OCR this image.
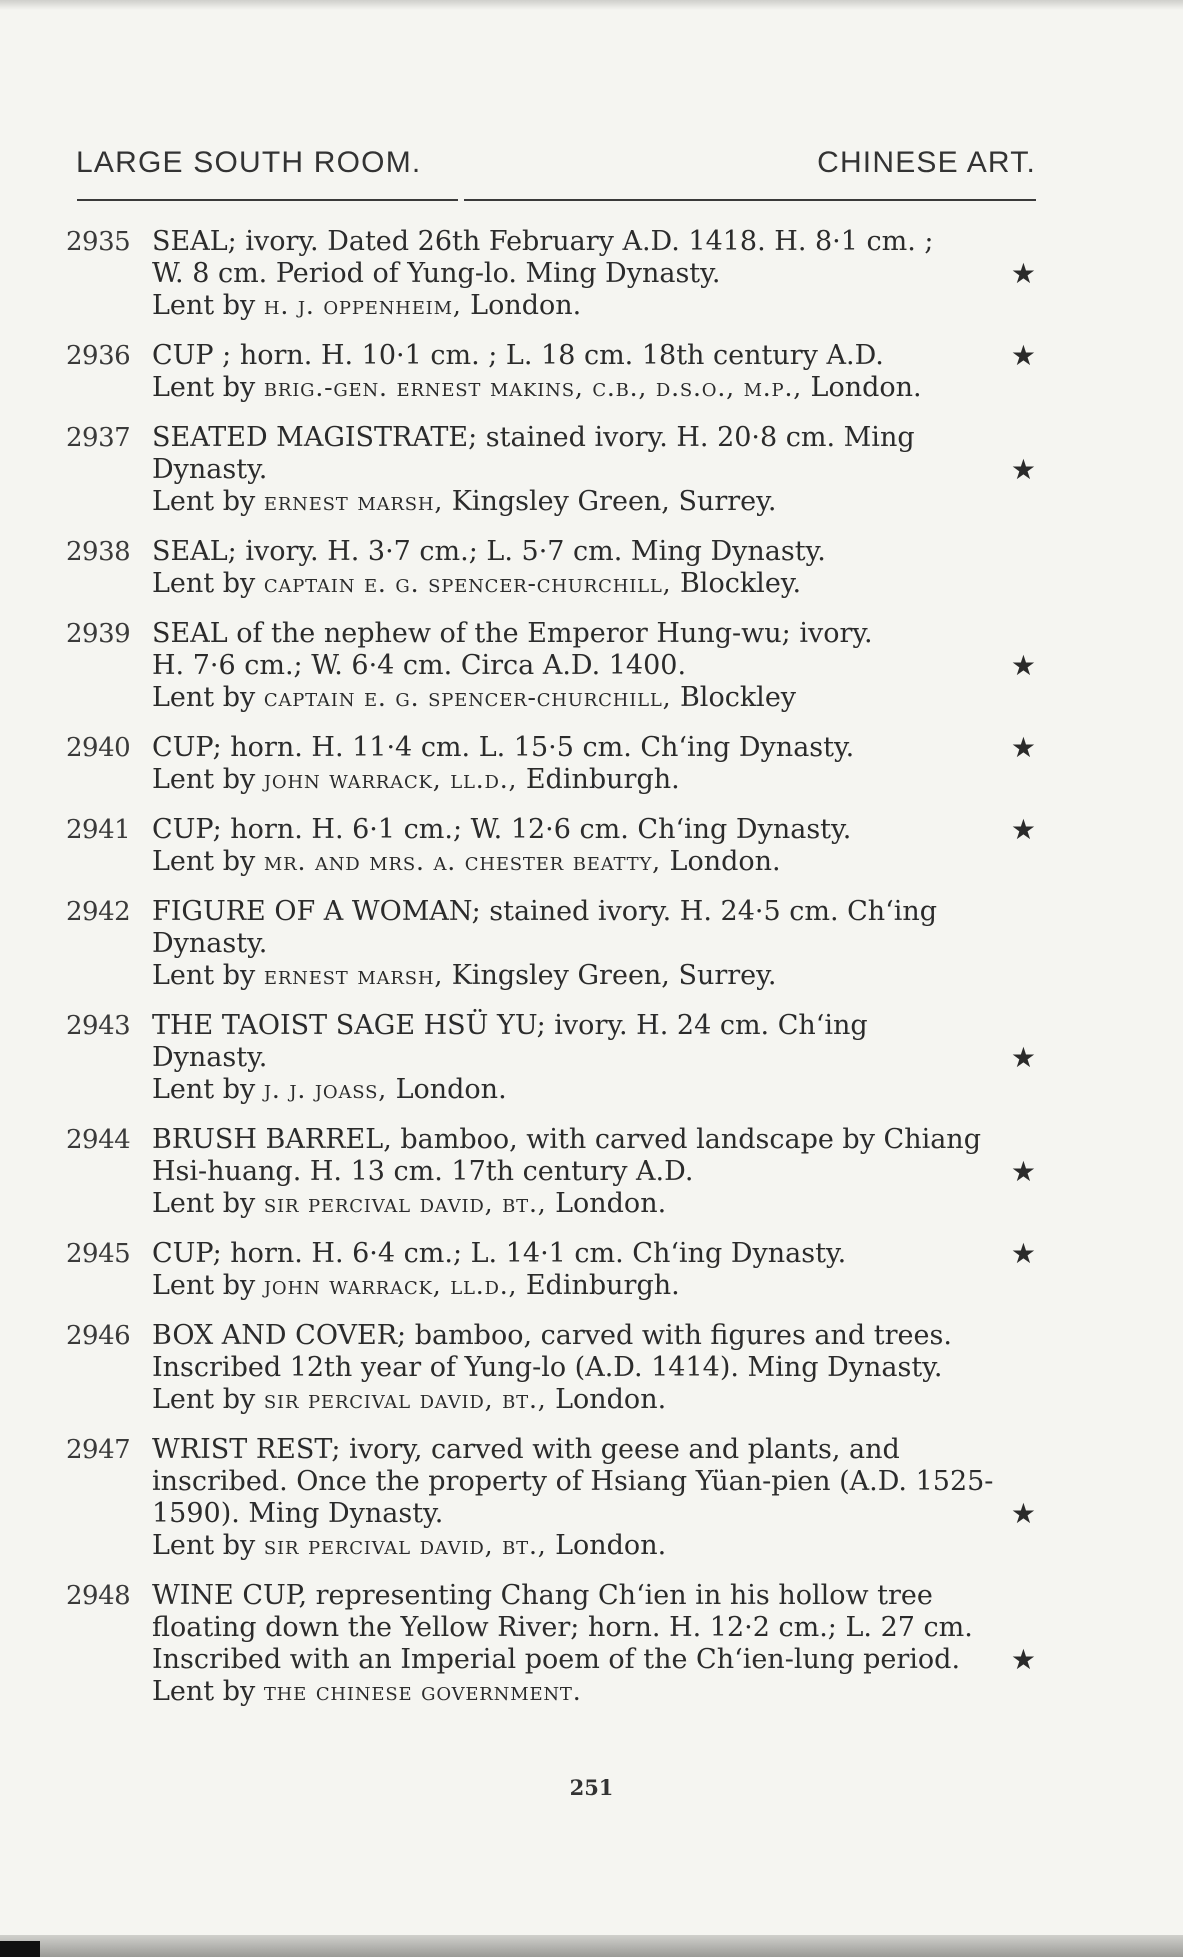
LARGE SOUTH ROOM.	CHINESE ART.
2935 SEAL; ivory. Dated 26th February A.D. 1418. H. 8·1 cm. ;
W. 8 cm. Period of Yung-lo. Ming Dynasty.	★
Lent by h. j. oppenheim, London.
2936 CUP ; horn. H. 10·1 cm. ; L. 18 cm. 18th century A.D.	★
Lent by brig.-gen. ernest makins, c.b., d.s.o., m.p., London.
2937 SEATED MAGISTRATE; stained ivory. H. 20·8 cm. Ming
Dynasty.	★
Lent by ernest marsh, Kingsley Green, Surrey.
2938 SEAL; ivory. H. 3·7 cm.; L. 5·7 cm. Ming Dynasty.
Lent by captain e. g. spencer-churchill, Blockley.
2939 SEAL of the nephew of the Emperor Hung-wu; ivory.
H. 7·6 cm.; W. 6·4 cm. Circa A.D. 1400.	★
Lent by captain e. g. spencer-churchill, Blockley
2940 CUP; horn. H. 11·4 cm. L. 15·5 cm. Ch‘ing Dynasty.	★
Lent by john warrack, ll.d., Edinburgh.
2941 CUP; horn. H. 6·1 cm.; W. 12·6 cm. Ch‘ing Dynasty.	★
Lent by mr. and mrs. a. chester beatty, London.
2942 FIGURE OF A WOMAN; stained ivory. H. 24·5 cm. Ch‘ing
Dynasty.
Lent by ernest marsh, Kingsley Green, Surrey.
2943 THE TAOIST SAGE HSÜ YU; ivory. H. 24 cm. Ch‘ing
Dynasty.	★
Lent by j. j. joass, London.
2944 BRUSH BARREL, bamboo, with carved landscape by Chiang
Hsi-huang. H. 13 cm. 17th century A.D.	★
Lent by sir percival david, bt., London.
2945 CUP; horn. H. 6·4 cm.; L. 14·1 cm. Ch‘ing Dynasty.	★
Lent by john warrack, ll.d., Edinburgh.
2946 BOX AND COVER; bamboo, carved with figures and trees.
Inscribed 12th year of Yung-lo (A.D. 1414). Ming Dynasty.
Lent by sir percival david, bt., London.
2947 WRIST REST; ivory, carved with geese and plants, and
inscribed. Once the property of Hsiang Yüan-pien (A.D. 1525-
1590). Ming Dynasty.	★
Lent by sir percival david, bt., London.
2948 WINE CUP, representing Chang Ch‘ien in his hollow tree
floating down the Yellow River; horn. H. 12·2 cm.; L. 27 cm.
Inscribed with an Imperial poem of the Ch‘ien-lung period. ★
Lent by the chinese government.
251
